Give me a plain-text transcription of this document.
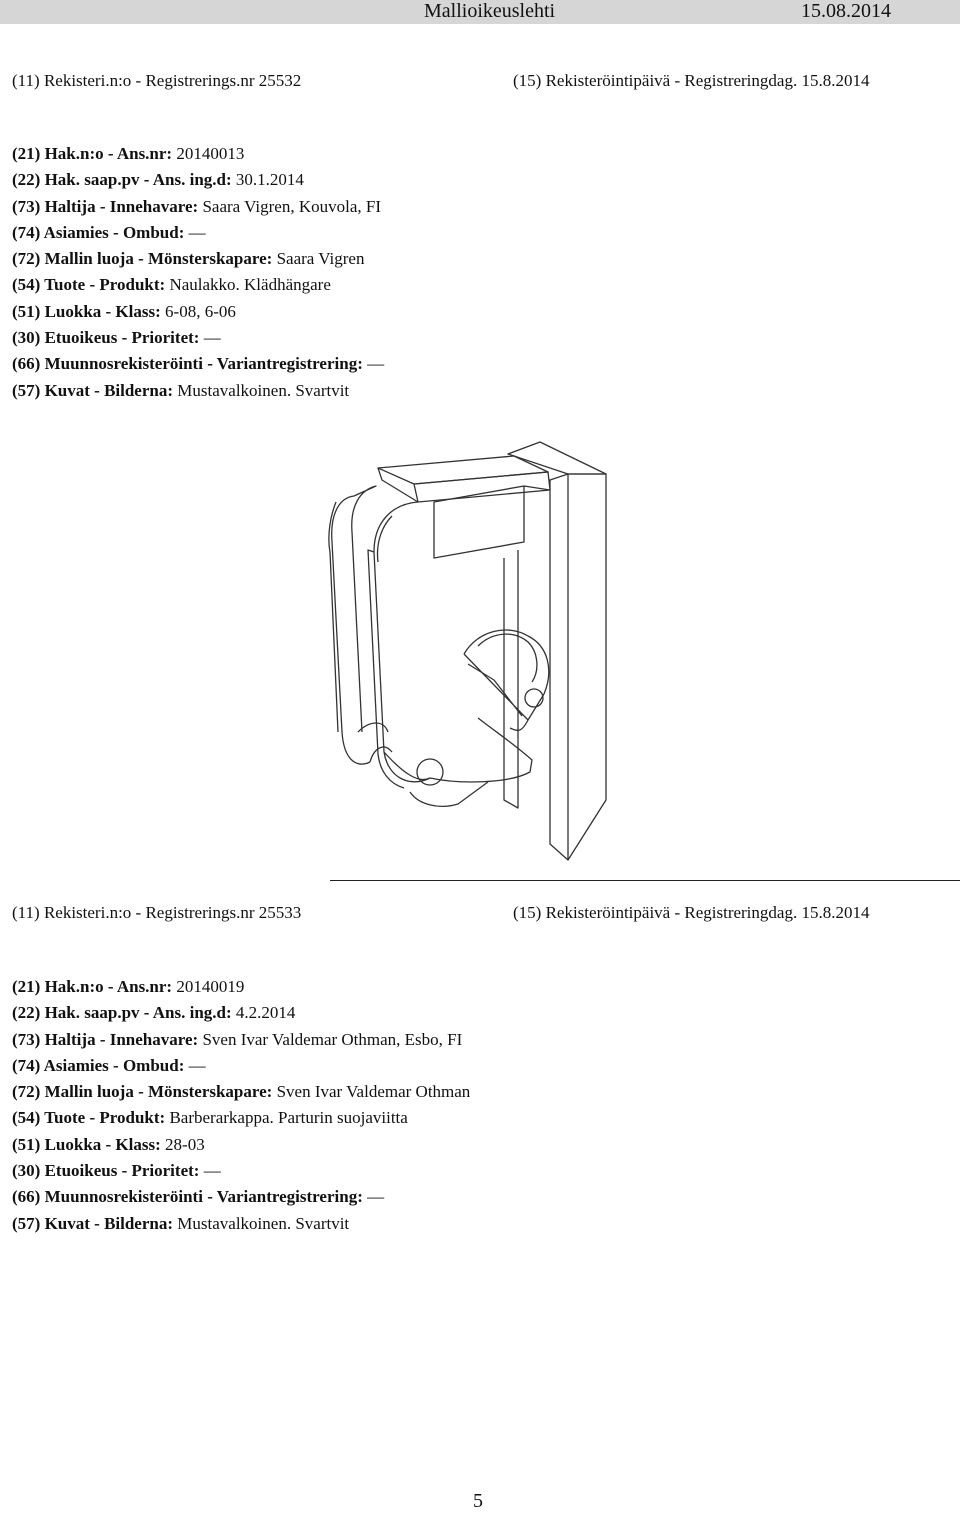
Mallioikeuslehti	15.08.2014
(11) Rekisteri.n:o - Registrerings.nr 25532	(15) Rekisteröintipäivä - Registreringdag. 15.8.2014
(21) Hak.n:o - Ans.nr: 20140013
(22) Hak. saap.pv - Ans. ing.d: 30.1.2014
(73) Haltija - Innehavare: Saara Vigren, Kouvola, FI
(74) Asiamies - Ombud: —
(72) Mallin luoja - Mönsterskapare: Saara Vigren
(54) Tuote - Produkt: Naulakko. Klädhängare
(51) Luokka - Klass: 6-08, 6-06
(30) Etuoikeus - Prioritet: —
(66) Muunnosrekisteröinti - Variantregistrering: —
(57) Kuvat - Bilderna: Mustavalkoinen. Svartvit
(11) Rekisteri.n:o - Registrerings.nr 25533	(15) Rekisteröintipäivä - Registreringdag. 15.8.2014
(21) Hak.n:o - Ans.nr: 20140019
(22) Hak. saap.pv - Ans. ing.d: 4.2.2014
(73) Haltija - Innehavare: Sven Ivar Valdemar Othman, Esbo, FI
(74) Asiamies - Ombud: —
(72) Mallin luoja - Mönsterskapare: Sven Ivar Valdemar Othman
(54) Tuote - Produkt: Barberarkappa. Parturin suojaviitta
(51) Luokka - Klass: 28-03
(30) Etuoikeus - Prioritet: —
(66) Muunnosrekisteröinti - Variantregistrering: —
(57) Kuvat - Bilderna: Mustavalkoinen. Svartvit
5
